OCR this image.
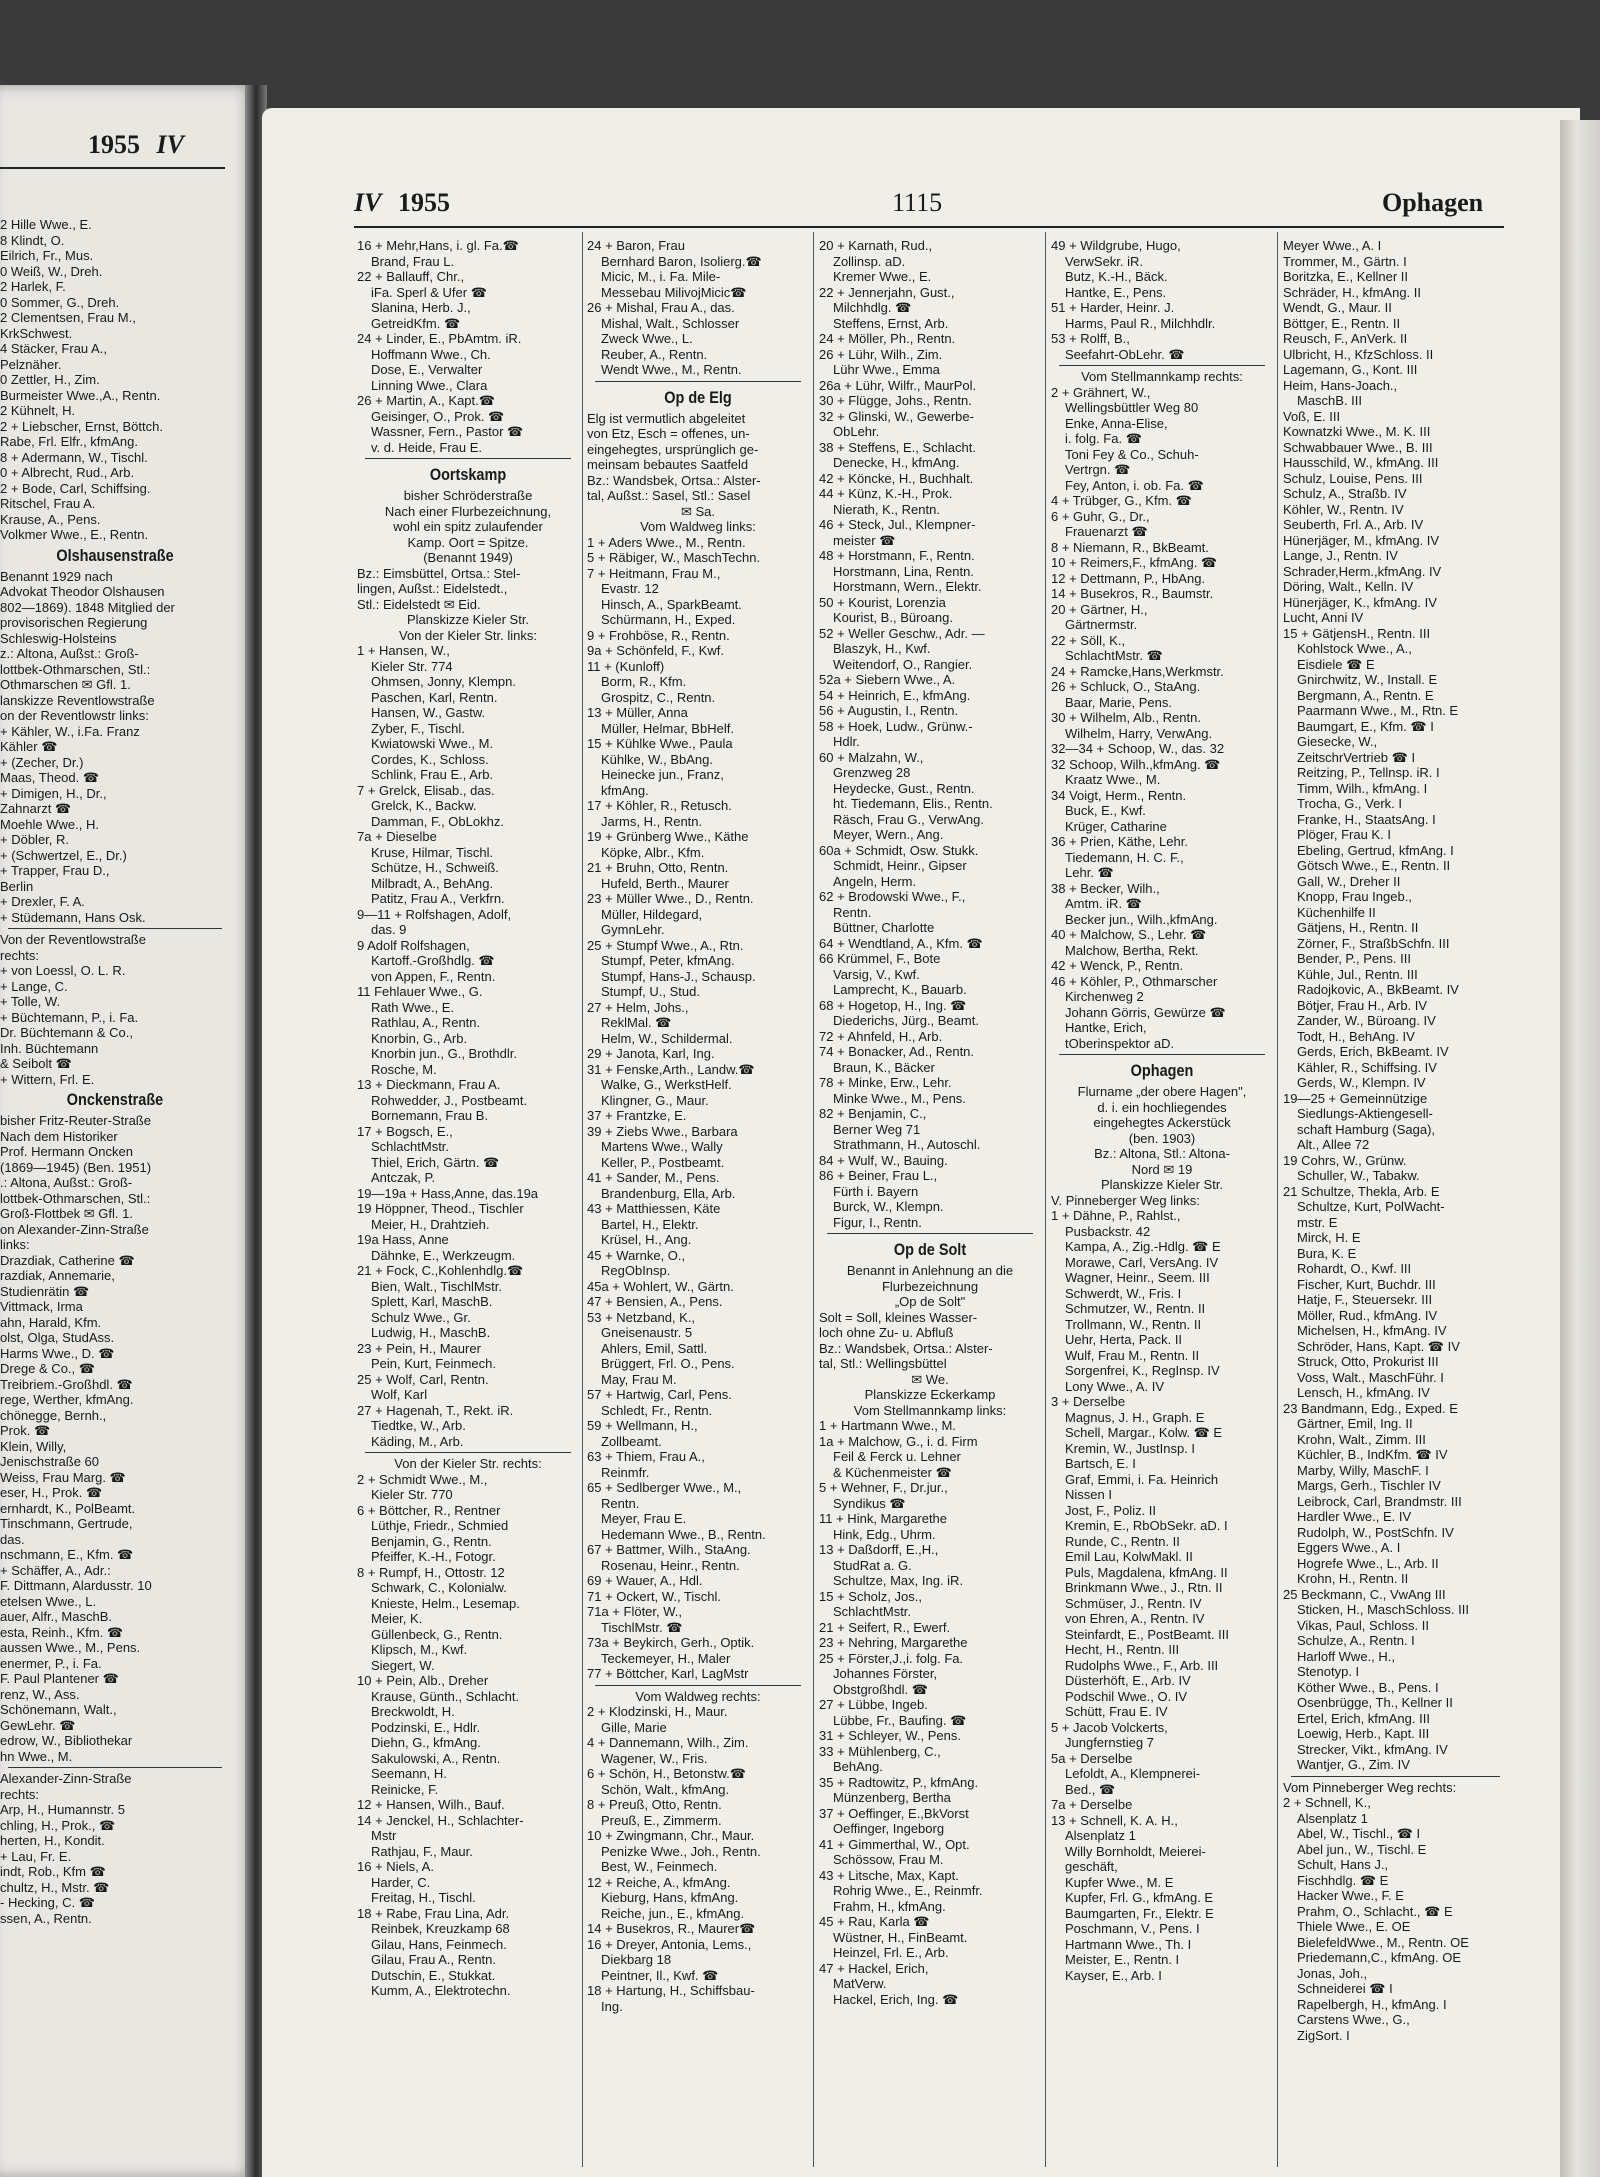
1955 IV
2 Hille Wwe., E.
8 Klindt, O.
Eilrich, Fr., Mus.
0 Weiß, W., Dreh.
2 Harlek, F.
0 Sommer, G., Dreh.
2 Clementsen, Frau M.,
KrkSchwest.
4 Stäcker, Frau A.,
Pelznäher.
0 Zettler, H., Zim.
Burmeister Wwe.,A., Rentn.
2 Kühnelt, H.
2 + Liebscher, Ernst, Böttch.
Rabe, Frl. Elfr., kfmAng.
8 + Adermann, W., Tischl.
0 + Albrecht, Rud., Arb.
2 + Bode, Carl, Schiffsing.
Ritschel, Frau A.
Krause, A., Pens.
Volkmer Wwe., E., Rentn.
Olshausenstraße
Benannt 1929 nach
Advokat Theodor Olshausen
802—1869). 1848 Mitglied der
provisorischen Regierung
Schleswig-Holsteins
z.: Altona, Außst.: Groß-
lottbek-Othmarschen, Stl.:
Othmarschen ✉ Gfl. 1.
lanskizze Reventlowstraße
on der Reventlowstr links:
+ Kähler, W., i.Fa. Franz
Kähler ☎
+ (Zecher, Dr.)
Maas, Theod. ☎
+ Dimigen, H., Dr.,
Zahnarzt ☎
Moehle Wwe., H.
+ Döbler, R.
+ (Schwertzel, E., Dr.)
+ Trapper, Frau D.,
Berlin
+ Drexler, F. A.
+ Stüdemann, Hans Osk.
Von der Reventlowstraße
rechts:
+ von Loessl, O. L. R.
+ Lange, C.
+ Tolle, W.
+ Büchtemann, P., i. Fa.
Dr. Büchtemann & Co.,
Inh. Büchtemann
& Seibolt ☎
+ Wittern, Frl. E.
Onckenstraße
bisher Fritz-Reuter-Straße
Nach dem Historiker
Prof. Hermann Oncken
(1869—1945) (Ben. 1951)
.: Altona, Außst.: Groß-
lottbek-Othmarschen, Stl.:
Groß-Flottbek ✉ Gfl. 1.
on Alexander-Zinn-Straße
links:
Drazdiak, Catherine ☎
razdiak, Annemarie,
Studienrätin ☎
Vittmack, Irma
ahn, Harald, Kfm.
olst, Olga, StudAss.
Harms Wwe., D. ☎
Drege & Co., ☎
Treibriem.-Großhdl. ☎
rege, Werther, kfmAng.
chönegge, Bernh.,
Prok. ☎
Klein, Willy,
Jenischstraße 60
Weiss, Frau Marg. ☎
eser, H., Prok. ☎
ernhardt, K., PolBeamt.
Tinschmann, Gertrude,
das.
nschmann, E., Kfm. ☎
+ Schäffer, A., Adr.:
F. Dittmann, Alardusstr. 10
etelsen Wwe., L.
auer, Alfr., MaschB.
esta, Reinh., Kfm. ☎
aussen Wwe., M., Pens.
enermer, P., i. Fa.
F. Paul Plantener ☎
renz, W., Ass.
Schönemann, Walt.,
GewLehr. ☎
edrow, W., Bibliothekar
hn Wwe., M.
Alexander-Zinn-Straße
rechts:
Arp, H., Humannstr. 5
chling, H., Prok., ☎
herten, H., Kondit.
+ Lau, Fr. E.
indt, Rob., Kfm ☎
chultz, H., Mstr. ☎
- Hecking, C. ☎
ssen, A., Rentn.
IV 1955	1115	Ophagen
16 + Mehr,Hans, i. gl. Fa.☎
Brand, Frau L.
22 + Ballauff, Chr.,
iFa. Sperl & Ufer ☎
Slanina, Herb. J.,
GetreidKfm. ☎
24 + Linder, E., PbAmtm. iR.
Hoffmann Wwe., Ch.
Dose, E., Verwalter
Linning Wwe., Clara
26 + Martin, A., Kapt.☎
Geisinger, O., Prok. ☎
Wassner, Fern., Pastor ☎
v. d. Heide, Frau E.
Oortskamp
bisher Schröderstraße
Nach einer Flurbezeichnung,
wohl ein spitz zulaufender
Kamp. Oort = Spitze.
(Benannt 1949)
Bz.: Eimsbüttel, Ortsa.: Stel-
lingen, Außst.: Eidelstedt.,
Stl.: Eidelstedt ✉ Eid.
Planskizze Kieler Str.
Von der Kieler Str. links:
1 + Hansen, W.,
Kieler Str. 774
Ohmsen, Jonny, Klempn.
Paschen, Karl, Rentn.
Hansen, W., Gastw.
Zyber, F., Tischl.
Kwiatowski Wwe., M.
Cordes, K., Schloss.
Schlink, Frau E., Arb.
7 + Grelck, Elisab., das.
Grelck, K., Backw.
Damman, F., ObLokhz.
7a + Dieselbe
Kruse, Hilmar, Tischl.
Schütze, H., Schweiß.
Milbradt, A., BehAng.
Patitz, Frau A., Verkfrn.
9—11 + Rolfshagen, Adolf,
das. 9
9 Adolf Rolfshagen,
Kartoff.-Großhdlg. ☎
von Appen, F., Rentn.
11 Fehlauer Wwe., G.
Rath Wwe., E.
Rathlau, A., Rentn.
Knorbin, G., Arb.
Knorbin jun., G., Brothdlr.
Rosche, M.
13 + Dieckmann, Frau A.
Rohwedder, J., Postbeamt.
Bornemann, Frau B.
17 + Bogsch, E.,
SchlachtMstr.
Thiel, Erich, Gärtn. ☎
Antczak, P.
19—19a + Hass,Anne, das.19a
19 Höppner, Theod., Tischler
Meier, H., Drahtzieh.
19a Hass, Anne
Dähnke, E., Werkzeugm.
21 + Fock, C.,Kohlenhdlg.☎
Bien, Walt., TischlMstr.
Splett, Karl, MaschB.
Schulz Wwe., Gr.
Ludwig, H., MaschB.
23 + Pein, H., Maurer
Pein, Kurt, Feinmech.
25 + Wolf, Carl, Rentn.
Wolf, Karl
27 + Hagenah, T., Rekt. iR.
Tiedtke, W., Arb.
Käding, M., Arb.
Von der Kieler Str. rechts:
2 + Schmidt Wwe., M.,
Kieler Str. 770
6 + Böttcher, R., Rentner
Lüthje, Friedr., Schmied
Benjamin, G., Rentn.
Pfeiffer, K.-H., Fotogr.
8 + Rumpf, H., Ottostr. 12
Schwark, C., Kolonialw.
Knieste, Helm., Lesemap.
Meier, K.
Güllenbeck, G., Rentn.
Klipsch, M., Kwf.
Siegert, W.
10 + Pein, Alb., Dreher
Krause, Günth., Schlacht.
Breckwoldt, H.
Podzinski, E., Hdlr.
Diehn, G., kfmAng.
Sakulowski, A., Rentn.
Seemann, H.
Reinicke, F.
12 + Hansen, Wilh., Bauf.
14 + Jenckel, H., Schlachter-
Mstr
Rathjau, F., Maur.
16 + Niels, A.
Harder, C.
Freitag, H., Tischl.
18 + Rabe, Frau Lina, Adr.
Reinbek, Kreuzkamp 68
Gilau, Hans, Feinmech.
Gilau, Frau A., Rentn.
Dutschin, E., Stukkat.
Kumm, A., Elektrotechn.
24 + Baron, Frau
Bernhard Baron, Isolierg.☎
Micic, M., i. Fa. Mile-
Messebau MilivojMicic☎
26 + Mishal, Frau A., das.
Mishal, Walt., Schlosser
Zweck Wwe., L.
Reuber, A., Rentn.
Wendt Wwe., M., Rentn.
Op de Elg
Elg ist vermutlich abgeleitet
von Etz, Esch = offenes, un-
eingehegtes, ursprünglich ge-
meinsam bebautes Saatfeld
Bz.: Wandsbek, Ortsa.: Alster-
tal, Außst.: Sasel, Stl.: Sasel
✉ Sa.
Vom Waldweg links:
1 + Aders Wwe., M., Rentn.
5 + Räbiger, W., MaschTechn.
7 + Heitmann, Frau M.,
Evastr. 12
Hinsch, A., SparkBeamt.
Schürmann, H., Exped.
9 + Frohböse, R., Rentn.
9a + Schönfeld, F., Kwf.
11 + (Kunloff)
Borm, R., Kfm.
Grospitz, C., Rentn.
13 + Müller, Anna
Müller, Helmar, BbHelf.
15 + Kühlke Wwe., Paula
Kühlke, W., BbAng.
Heinecke jun., Franz,
kfmAng.
17 + Köhler, R., Retusch.
Jarms, H., Rentn.
19 + Grünberg Wwe., Käthe
Köpke, Albr., Kfm.
21 + Bruhn, Otto, Rentn.
Hufeld, Berth., Maurer
23 + Müller Wwe., D., Rentn.
Müller, Hildegard,
GymnLehr.
25 + Stumpf Wwe., A., Rtn.
Stumpf, Peter, kfmAng.
Stumpf, Hans-J., Schausp.
Stumpf, U., Stud.
27 + Helm, Johs.,
ReklMal. ☎
Helm, W., Schildermal.
29 + Janota, Karl, Ing.
31 + Fenske,Arth., Landw.☎
Walke, G., WerkstHelf.
Klingner, G., Maur.
37 + Frantzke, E.
39 + Ziebs Wwe., Barbara
Martens Wwe., Wally
Keller, P., Postbeamt.
41 + Sander, M., Pens.
Brandenburg, Ella, Arb.
43 + Matthiessen, Käte
Bartel, H., Elektr.
Krüsel, H., Ang.
45 + Warnke, O.,
RegObInsp.
45a + Wohlert, W., Gärtn.
47 + Bensien, A., Pens.
53 + Netzband, K.,
Gneisenaustr. 5
Ahlers, Emil, Sattl.
Brüggert, Frl. O., Pens.
May, Frau M.
57 + Hartwig, Carl, Pens.
Schledt, Fr., Rentn.
59 + Wellmann, H.,
Zollbeamt.
63 + Thiem, Frau A.,
Reinmfr.
65 + Sedlberger Wwe., M.,
Rentn.
Meyer, Frau E.
Hedemann Wwe., B., Rentn.
67 + Battmer, Wilh., StaAng.
Rosenau, Heinr., Rentn.
69 + Wauer, A., Hdl.
71 + Ockert, W., Tischl.
71a + Flöter, W.,
TischlMstr. ☎
73a + Beykirch, Gerh., Optik.
Teckemeyer, H., Maler
77 + Böttcher, Karl, LagMstr
Vom Waldweg rechts:
2 + Klodzinski, H., Maur.
Gille, Marie
4 + Dannemann, Wilh., Zim.
Wagener, W., Fris.
6 + Schön, H., Betonstw.☎
Schön, Walt., kfmAng.
8 + Preuß, Otto, Rentn.
Preuß, E., Zimmerm.
10 + Zwingmann, Chr., Maur.
Penizke Wwe., Joh., Rentn.
Best, W., Feinmech.
12 + Reiche, A., kfmAng.
Kieburg, Hans, kfmAng.
Reiche, jun., E., kfmAng.
14 + Busekros, R., Maurer☎
16 + Dreyer, Antonia, Lems.,
Diekbarg 18
Peintner, Il., Kwf. ☎
18 + Hartung, H., Schiffsbau-
Ing.
20 + Karnath, Rud.,
Zollinsp. aD.
Kremer Wwe., E.
22 + Jennerjahn, Gust.,
Milchhdlg. ☎
Steffens, Ernst, Arb.
24 + Möller, Ph., Rentn.
26 + Lühr, Wilh., Zim.
Lühr Wwe., Emma
26a + Lühr, Wilfr., MaurPol.
30 + Flügge, Johs., Rentn.
32 + Glinski, W., Gewerbe-
ObLehr.
38 + Steffens, E., Schlacht.
Denecke, H., kfmAng.
42 + Köncke, H., Buchhalt.
44 + Künz, K.-H., Prok.
Nierath, K., Rentn.
46 + Steck, Jul., Klempner-
meister ☎
48 + Horstmann, F., Rentn.
Horstmann, Lina, Rentn.
Horstmann, Wern., Elektr.
50 + Kourist, Lorenzia
Kourist, B., Büroang.
52 + Weller Geschw., Adr. —
Blaszyk, H., Kwf.
Weitendorf, O., Rangier.
52a + Siebern Wwe., A.
54 + Heinrich, E., kfmAng.
56 + Augustin, I., Rentn.
58 + Hoek, Ludw., Grünw.-
Hdlr.
60 + Malzahn, W.,
Grenzweg 28
Heydecke, Gust., Rentn.
ht. Tiedemann, Elis., Rentn.
Räsch, Frau G., VerwAng.
Meyer, Wern., Ang.
60a + Schmidt, Osw. Stukk.
Schmidt, Heinr., Gipser
Angeln, Herm.
62 + Brodowski Wwe., F.,
Rentn.
Büttner, Charlotte
64 + Wendtland, A., Kfm. ☎
66 Krümmel, F., Bote
Varsig, V., Kwf.
Lamprecht, K., Bauarb.
68 + Hogetop, H., Ing. ☎
Diederichs, Jürg., Beamt.
72 + Ahnfeld, H., Arb.
74 + Bonacker, Ad., Rentn.
Braun, K., Bäcker
78 + Minke, Erw., Lehr.
Minke Wwe., M., Pens.
82 + Benjamin, C.,
Berner Weg 71
Strathmann, H., Autoschl.
84 + Wulf, W., Bauing.
86 + Beiner, Frau L.,
Fürth i. Bayern
Burck, W., Klempn.
Figur, I., Rentn.
Op de Solt
Benannt in Anlehnung an die
Flurbezeichnung
„Op de Solt"
Solt = Soll, kleines Wasser-
loch ohne Zu- u. Abfluß
Bz.: Wandsbek, Ortsa.: Alster-
tal, Stl.: Wellingsbüttel
✉ We.
Planskizze Eckerkamp
Vom Stellmannkamp links:
1 + Hartmann Wwe., M.
1a + Malchow, G., i. d. Firm
Feil & Ferck u. Lehner
& Küchenmeister ☎
5 + Wehner, F., Dr.jur.,
Syndikus ☎
11 + Hink, Margarethe
Hink, Edg., Uhrm.
13 + Daßdorff, E.,H.,
StudRat a. G.
Schultze, Max, Ing. iR.
15 + Scholz, Jos.,
SchlachtMstr.
21 + Seifert, R., Ewerf.
23 + Nehring, Margarethe
25 + Förster,J.,i. folg. Fa.
Johannes Förster,
Obstgroßhdl. ☎
27 + Lübbe, Ingeb.
Lübbe, Fr., Baufing. ☎
31 + Schleyer, W., Pens.
33 + Mühlenberg, C.,
BehAng.
35 + Radtowitz, P., kfmAng.
Münzenberg, Bertha
37 + Oeffinger, E.,BkVorst
Oeffinger, Ingeborg
41 + Gimmerthal, W., Opt.
Schössow, Frau M.
43 + Litsche, Max, Kapt.
Rohrig Wwe., E., Reinmfr.
Frahm, H., kfmAng.
45 + Rau, Karla ☎
Wüstner, H., FinBeamt.
Heinzel, Frl. E., Arb.
47 + Hackel, Erich,
MatVerw.
Hackel, Erich, Ing. ☎
49 + Wildgrube, Hugo,
VerwSekr. iR.
Butz, K.-H., Bäck.
Hantke, E., Pens.
51 + Harder, Heinr. J.
Harms, Paul R., Milchhdlr.
53 + Rolff, B.,
Seefahrt-ObLehr. ☎
Vom Stellmannkamp rechts:
2 + Grähnert, W.,
Wellingsbüttler Weg 80
Enke, Anna-Elise,
i. folg. Fa. ☎
Toni Fey & Co., Schuh-
Vertrgn. ☎
Fey, Anton, i. ob. Fa. ☎
4 + Trübger, G., Kfm. ☎
6 + Guhr, G., Dr.,
Frauenarzt ☎
8 + Niemann, R., BkBeamt.
10 + Reimers,F., kfmAng. ☎
12 + Dettmann, P., HbAng.
14 + Busekros, R., Baumstr.
20 + Gärtner, H.,
Gärtnermstr.
22 + Söll, K.,
SchlachtMstr. ☎
24 + Ramcke,Hans,Werkmstr.
26 + Schluck, O., StaAng.
Baar, Marie, Pens.
30 + Wilhelm, Alb., Rentn.
Wilhelm, Harry, VerwAng.
32—34 + Schoop, W., das. 32
32 Schoop, Wilh.,kfmAng. ☎
Kraatz Wwe., M.
34 Voigt, Herm., Rentn.
Buck, E., Kwf.
Krüger, Catharine
36 + Prien, Käthe, Lehr.
Tiedemann, H. C. F.,
Lehr. ☎
38 + Becker, Wilh.,
Amtm. iR. ☎
Becker jun., Wilh.,kfmAng.
40 + Malchow, S., Lehr. ☎
Malchow, Bertha, Rekt.
42 + Wenck, P., Rentn.
46 + Köhler, P., Othmarscher
Kirchenweg 2
Johann Görris, Gewürze ☎
Hantke, Erich,
tOberinspektor aD.
Ophagen
Flurname „der obere Hagen",
d. i. ein hochliegendes
eingehegtes Ackerstück
(ben. 1903)
Bz.: Altona, Stl.: Altona-
Nord ✉ 19
Planskizze Kieler Str.
V. Pinneberger Weg links:
1 + Dähne, P., Rahlst.,
Pusbackstr. 42
Kampa, A., Zig.-Hdlg. ☎ E
Morawe, Carl, VersAng. IV
Wagner, Heinr., Seem. III
Schwerdt, W., Fris. I
Schmutzer, W., Rentn. II
Trollmann, W., Rentn. II
Uehr, Herta, Pack. II
Wulf, Frau M., Rentn. II
Sorgenfrei, K., RegInsp. IV
Lony Wwe., A. IV
3 + Derselbe
Magnus, J. H., Graph. E
Schell, Margar., Kolw. ☎ E
Kremin, W., JustInsp. I
Bartsch, E. I
Graf, Emmi, i. Fa. Heinrich
Nissen I
Jost, F., Poliz. II
Kremin, E., RbObSekr. aD. I
Runde, C., Rentn. II
Emil Lau, KolwMakl. II
Puls, Magdalena, kfmAng. II
Brinkmann Wwe., J., Rtn. II
Schmüser, J., Rentn. IV
von Ehren, A., Rentn. IV
Steinfardt, E., PostBeamt. III
Hecht, H., Rentn. III
Rudolphs Wwe., F., Arb. III
Düsterhöft, E., Arb. IV
Podschil Wwe., O. IV
Schütt, Frau E. IV
5 + Jacob Volckerts,
Jungfernstieg 7
5a + Derselbe
Lefoldt, A., Klempnerei-
Bed., ☎
7a + Derselbe
13 + Schnell, K. A. H.,
Alsenplatz 1
Willy Bornholdt, Meierei-
geschäft,
Kupfer Wwe., M. E
Kupfer, Frl. G., kfmAng. E
Baumgarten, Fr., Elektr. E
Poschmann, V., Pens. I
Hartmann Wwe., Th. I
Meister, E., Rentn. I
Kayser, E., Arb. I
Meyer Wwe., A. I
Trommer, M., Gärtn. I
Boritzka, E., Kellner II
Schräder, H., kfmAng. II
Wendt, G., Maur. II
Böttger, E., Rentn. II
Reusch, F., AnVerk. II
Ulbricht, H., KfzSchloss. II
Lagemann, G., Kont. III
Heim, Hans-Joach.,
MaschB. III
Voß, E. III
Kownatzki Wwe., M. K. III
Schwabbauer Wwe., B. III
Hausschild, W., kfmAng. III
Schulz, Louise, Pens. III
Schulz, A., Straßb. IV
Köhler, W., Rentn. IV
Seuberth, Frl. A., Arb. IV
Hünerjäger, M., kfmAng. IV
Lange, J., Rentn. IV
Schrader,Herm.,kfmAng. IV
Döring, Walt., Kelln. IV
Hünerjäger, K., kfmAng. IV
Lucht, Anni IV
15 + GätjensH., Rentn. III
Kohlstock Wwe., A.,
Eisdiele ☎ E
Gnirchwitz, W., Install. E
Bergmann, A., Rentn. E
Paarmann Wwe., M., Rtn. E
Baumgart, E., Kfm. ☎ I
Giesecke, W.,
ZeitschrVertrieb ☎ I
Reitzing, P., Tellnsp. iR. I
Timm, Wilh., kfmAng. I
Trocha, G., Verk. I
Franke, H., StaatsAng. I
Plöger, Frau K. I
Ebeling, Gertrud, kfmAng. I
Götsch Wwe., E., Rentn. II
Gall, W., Dreher II
Knopp, Frau Ingeb.,
Küchenhilfe II
Gätjens, H., Rentn. II
Zörner, F., StraßbSchfn. III
Bender, P., Pens. III
Kühle, Jul., Rentn. III
Radojkovic, A., BkBeamt. IV
Bötjer, Frau H., Arb. IV
Zander, W., Büroang. IV
Todt, H., BehAng. IV
Gerds, Erich, BkBeamt. IV
Kähler, R., Schiffsing. IV
Gerds, W., Klempn. IV
19—25 + Gemeinnützige
Siedlungs-Aktiengesell-
schaft Hamburg (Saga),
Alt., Allee 72
19 Cohrs, W., Grünw.
Schuller, W., Tabakw.
21 Schultze, Thekla, Arb. E
Schultze, Kurt, PolWacht-
mstr. E
Mirck, H. E
Bura, K. E
Rohardt, O., Kwf. III
Fischer, Kurt, Buchdr. III
Hatje, F., Steuersekr. III
Möller, Rud., kfmAng. IV
Michelsen, H., kfmAng. IV
Schröder, Hans, Kapt. ☎ IV
Struck, Otto, Prokurist III
Voss, Walt., MaschFühr. I
Lensch, H., kfmAng. IV
23 Bandmann, Edg., Exped. E
Gärtner, Emil, Ing. II
Krohn, Walt., Zimm. III
Küchler, B., IndKfm. ☎ IV
Marby, Willy, MaschF. I
Margs, Gerh., Tischler IV
Leibrock, Carl, Brandmstr. III
Hardler Wwe., E. IV
Rudolph, W., PostSchfn. IV
Eggers Wwe., A. I
Hogrefe Wwe., L., Arb. II
Krohn, H., Rentn. II
25 Beckmann, C., VwAng III
Sticken, H., MaschSchloss. III
Vikas, Paul, Schloss. II
Schulze, A., Rentn. I
Harloff Wwe., H.,
Stenotyp. I
Köther Wwe., B., Pens. I
Osenbrügge, Th., Kellner II
Ertel, Erich, kfmAng. III
Loewig, Herb., Kapt. III
Strecker, Vikt., kfmAng. IV
Wantjer, G., Zim. IV
Vom Pinneberger Weg rechts:
2 + Schnell, K.,
Alsenplatz 1
Abel, W., Tischl., ☎ I
Abel jun., W., Tischl. E
Schult, Hans J.,
Fischhdlg. ☎ E
Hacker Wwe., F. E
Prahm, O., Schlacht., ☎ E
Thiele Wwe., E. OE
BielefeldWwe., M., Rentn. OE
Priedemann,C., kfmAng. OE
Jonas, Joh.,
Schneiderei ☎ I
Rapelbergh, H., kfmAng. I
Carstens Wwe., G.,
ZigSort. I
